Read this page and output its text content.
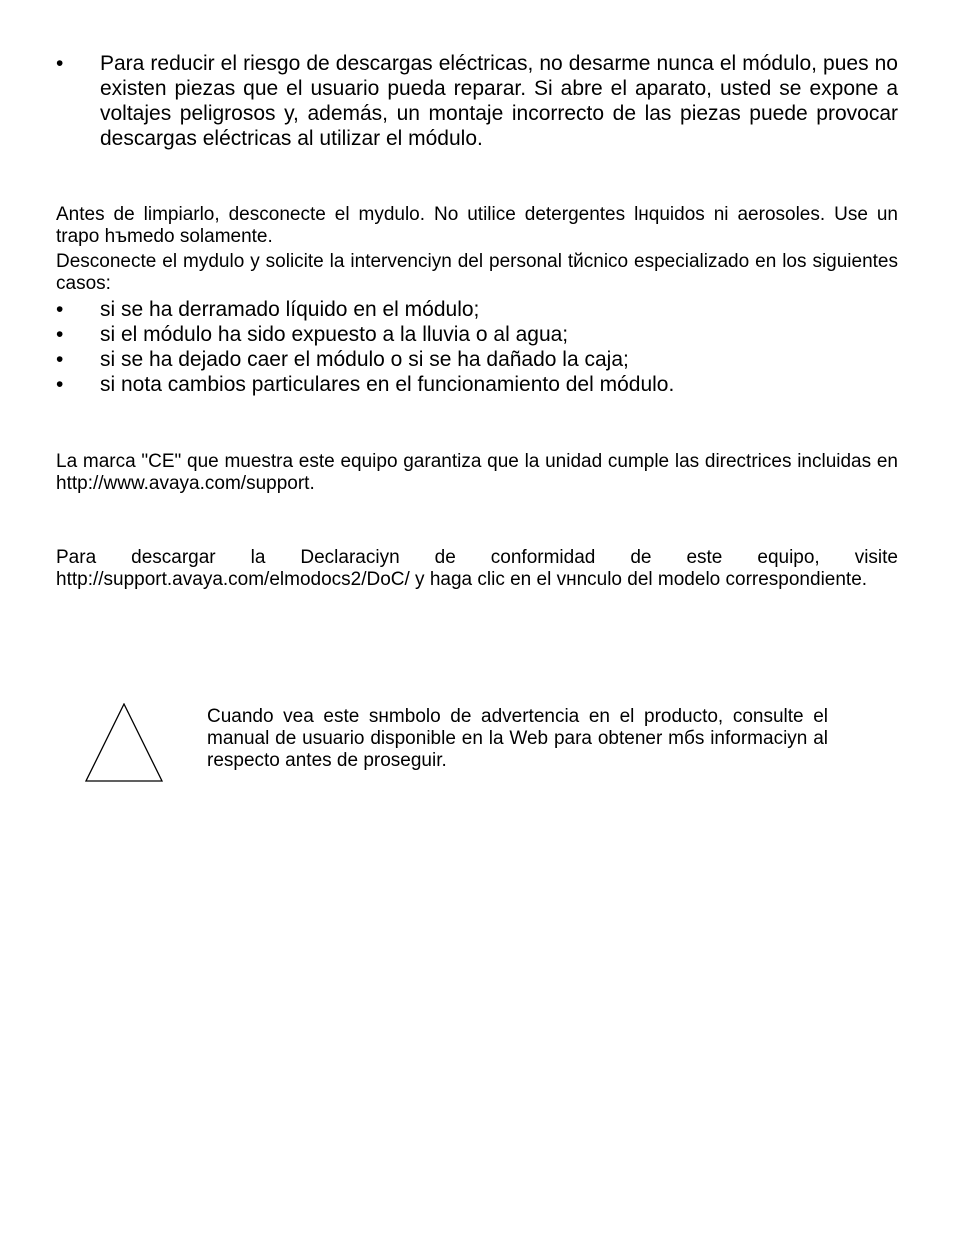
• Para reducir el riesgo de descargas eléctricas, no desarme nunca el módulo, pues no existen piezas que el usuario pueda reparar. Si abre el aparato, usted se expone a voltajes peligrosos y, además, un montaje incorrecto de las piezas puede provocar descargas eléctricas al utilizar el módulo.
Antes de limpiarlo, desconecte el mydulo. No utilice detergentes lнquidos ni aerosoles. Use un trapo hъmedo solamente.
Desconecte el mydulo y solicite la intervenciyn del personal tйcnico especializado en los siguientes casos:
• si se ha derramado líquido en el módulo;
• si el módulo ha sido expuesto a la lluvia o al agua;
• si se ha dejado caer el módulo o si se ha dañado la caja;
• si nota cambios particulares en el funcionamiento del módulo.
La marca "CE" que muestra este equipo garantiza que la unidad cumple las directrices incluidas en http://www.avaya.com/support.
Para descargar la Declaraciyn de conformidad de este equipo, visite http://support.avaya.com/elmodocs2/DoC/ y haga clic en el vнnculo del modelo correspondiente.
Cuando vea este sнmbolo de advertencia en el producto, consulte el manual de usuario disponible en la Web para obtener mбs informaciyn al respecto antes de proseguir.
